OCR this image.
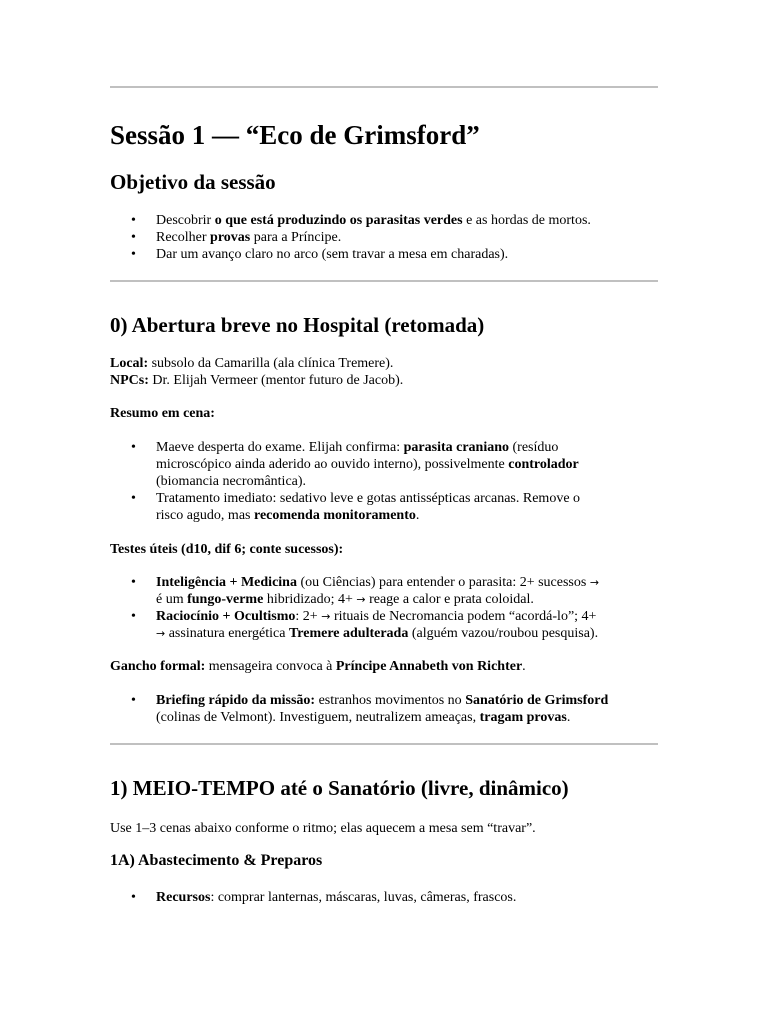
Sessão 1 — “Eco de Grimsford”
Objetivo da sessão
• Descobrir o que está produzindo os parasitas verdes e as hordas de mortos.
• Recolher provas para a Príncipe.
• Dar um avanço claro no arco (sem travar a mesa em charadas).
0) Abertura breve no Hospital (retomada)

Local: subsolo da Camarilla (ala clínica Tremere).

NPCs: Dr. Elijah Vermeer (mentor futuro de Jacob).

Resumo em cena:

• Maeve desperta do exame. Elijah confirma: parasita craniano (resíduo
microscópico ainda aderido ao ouvido interno), possivelmente controlador
(biomancia necromântica).
• Tratamento imediato: sedativo leve e gotas antissépticas arcanas. Remove o
risco agudo, mas recomenda monitoramento.

Testes úteis (d10, dif 6; conte sucessos):

• Inteligência + Medicina (ou Ciências) para entender o parasita: 2+ sucessos →
é um fungo-verme hibridizado; 4+ → reage a calor e prata coloidal.
• Raciocínio + Ocultismo: 2+ → rituais de Necromancia podem “acordá-lo”; 4+
→ assinatura energética Tremere adulterada (alguém vazou/roubou pesquisa).

Gancho formal: mensageira convoca à Príncipe Annabeth von Richter.

• Briefing rápido da missão: estranhos movimentos no Sanatório de Grimsford
(colinas de Velmont). Investiguem, neutralizem ameaças, tragam provas.
1) MEIO-TEMPO até o Sanatório (livre, dinâmico)

Use 1–3 cenas abaixo conforme o ritmo; elas aquecem a mesa sem “travar”.

1A) Abastecimento & Preparos
• Recursos: comprar lanternas, máscaras, luvas, câmeras, frascos.
